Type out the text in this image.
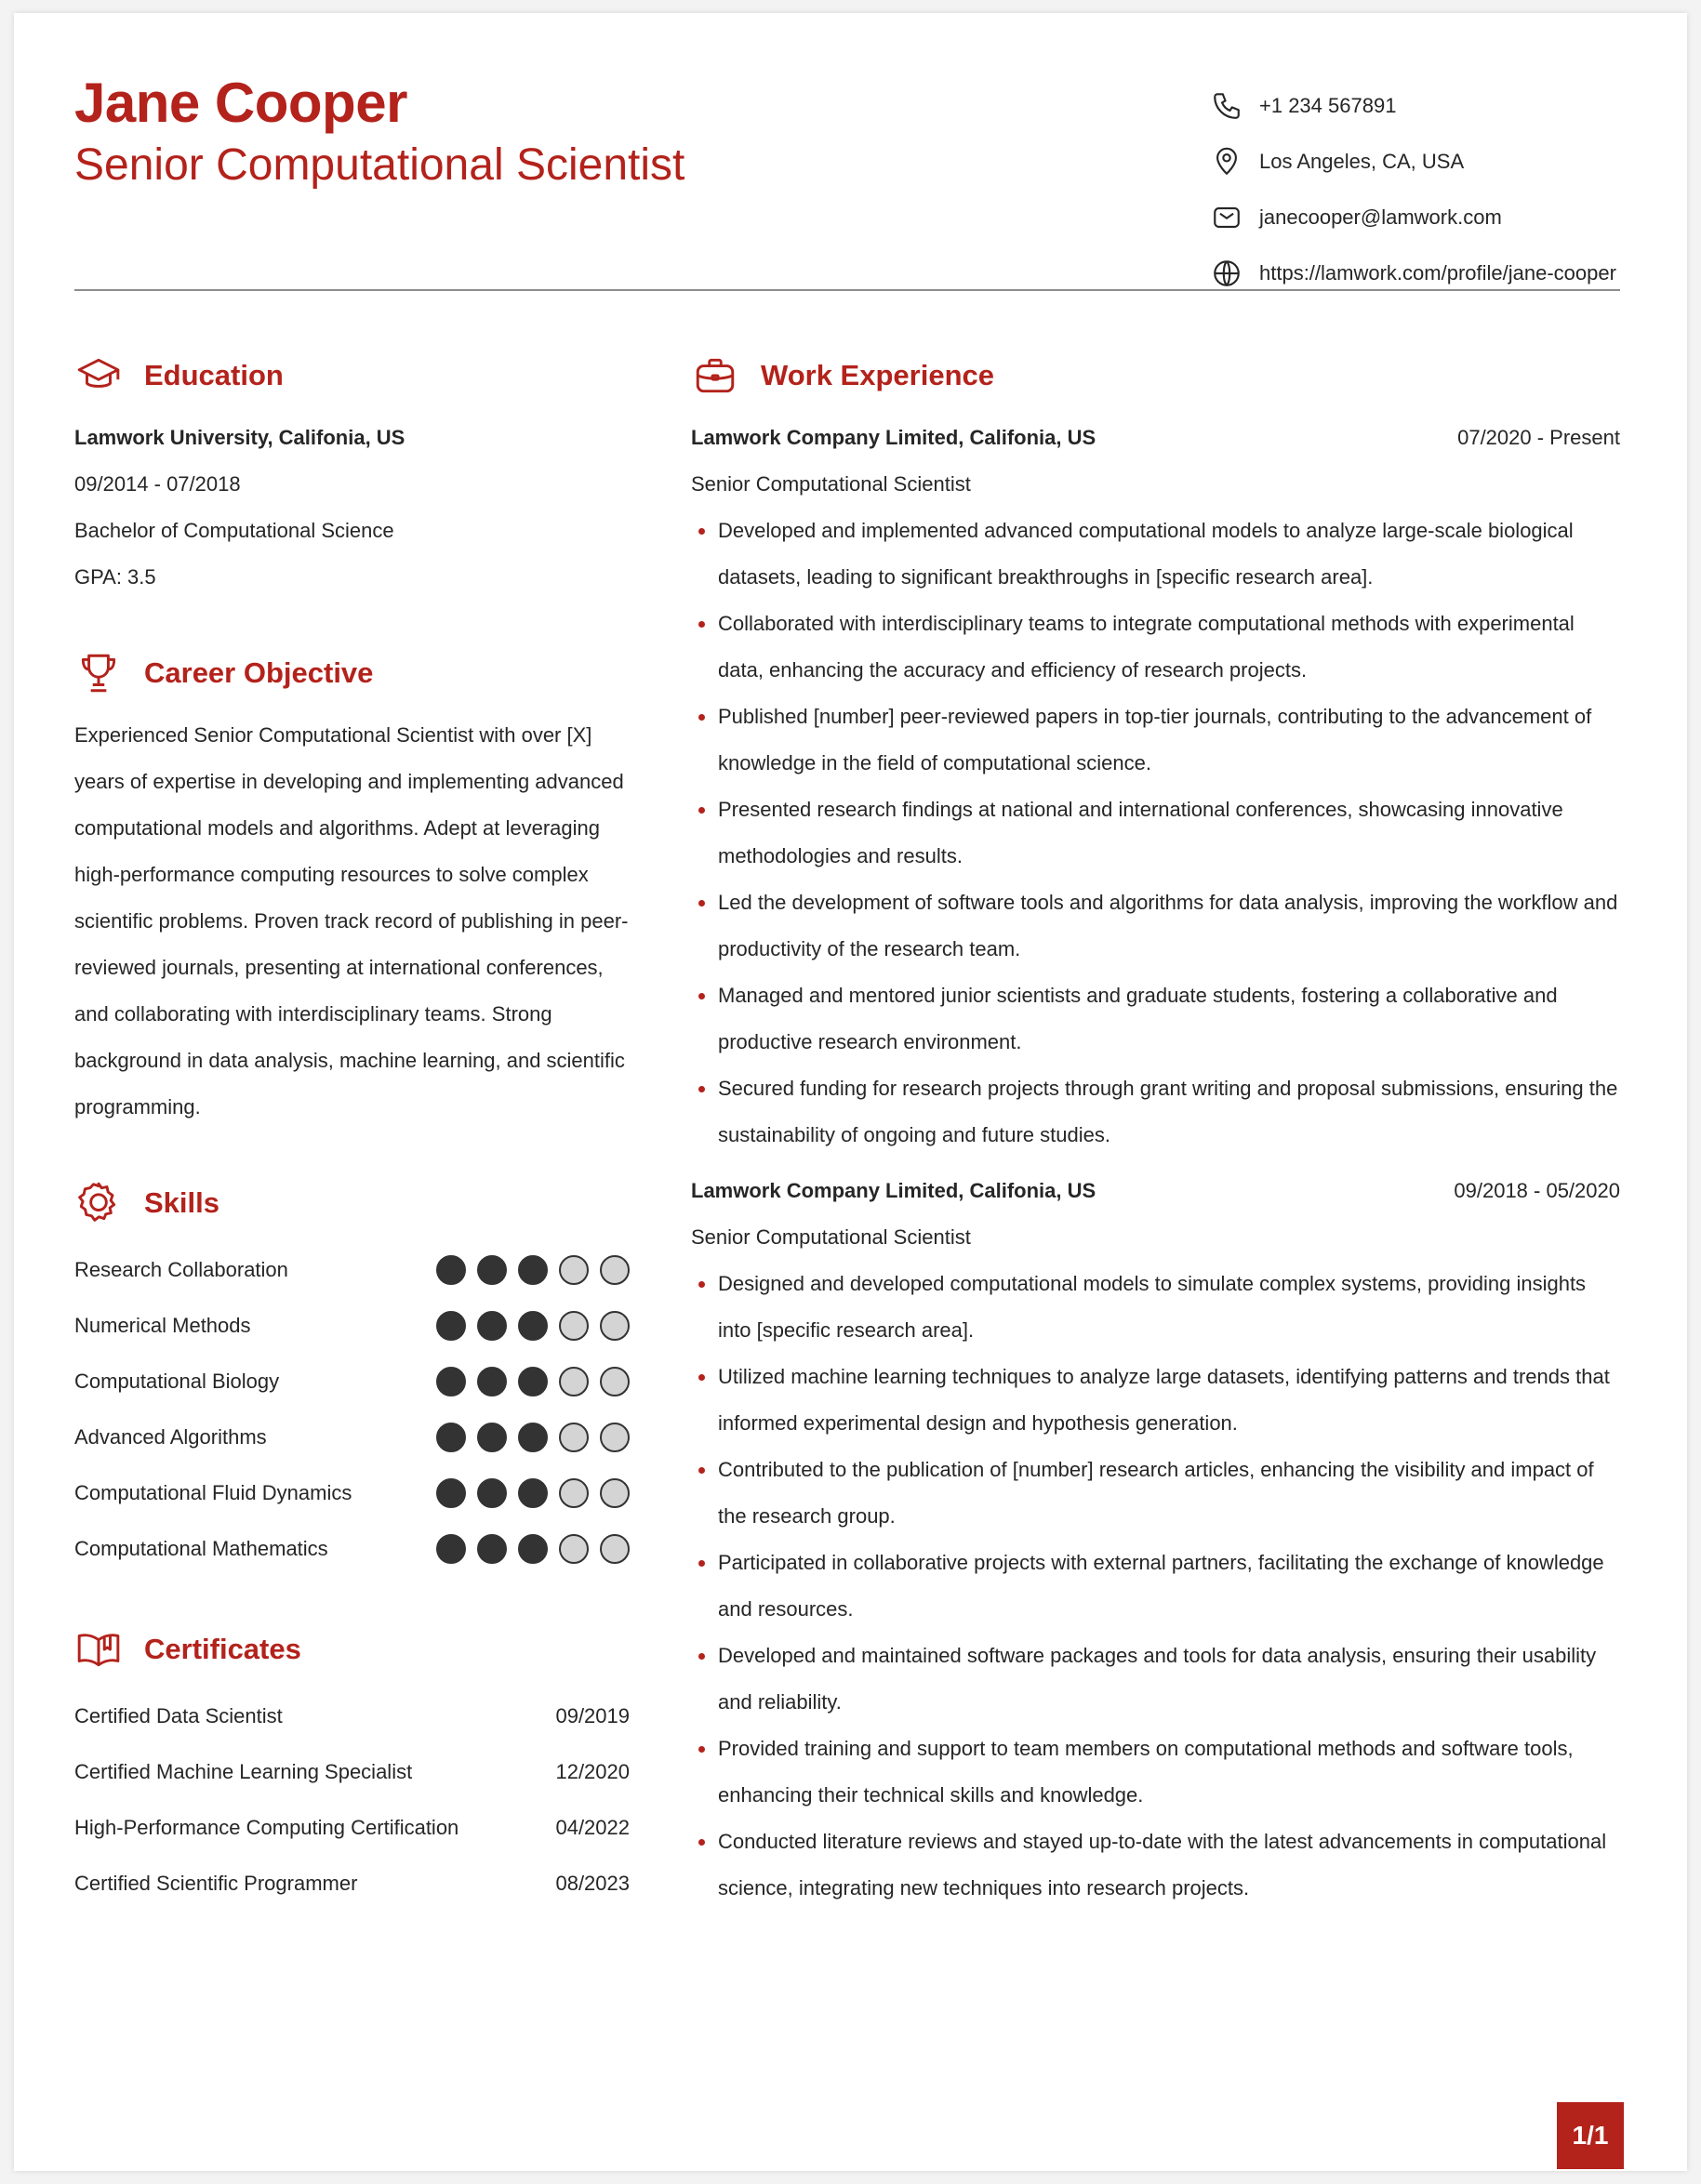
Jane Cooper
Senior Computational Scientist
+1 234 567891
Los Angeles, CA, USA
janecooper@lamwork.com
https://lamwork.com/profile/jane-cooper
Education
Lamwork University, Califonia, US
09/2014 - 07/2018
Bachelor of Computational Science
GPA: 3.5
Career Objective
Experienced Senior Computational Scientist with over [X] years of expertise in developing and implementing advanced computational models and algorithms. Adept at leveraging high-performance computing resources to solve complex scientific problems. Proven track record of publishing in peer-reviewed journals, presenting at international conferences, and collaborating with interdisciplinary teams. Strong background in data analysis, machine learning, and scientific programming.
Skills
Research Collaboration
Numerical Methods
Computational Biology
Advanced Algorithms
Computational Fluid Dynamics
Computational Mathematics
Certificates
Certified Data Scientist	09/2019
Certified Machine Learning Specialist	12/2020
High-Performance Computing Certification	04/2022
Certified Scientific Programmer	08/2023
Work Experience
Lamwork Company Limited, Califonia, US	07/2020 - Present
Senior Computational Scientist
Developed and implemented advanced computational models to analyze large-scale biological datasets, leading to significant breakthroughs in [specific research area].
Collaborated with interdisciplinary teams to integrate computational methods with experimental data, enhancing the accuracy and efficiency of research projects.
Published [number] peer-reviewed papers in top-tier journals, contributing to the advancement of knowledge in the field of computational science.
Presented research findings at national and international conferences, showcasing innovative methodologies and results.
Led the development of software tools and algorithms for data analysis, improving the workflow and productivity of the research team.
Managed and mentored junior scientists and graduate students, fostering a collaborative and productive research environment.
Secured funding for research projects through grant writing and proposal submissions, ensuring the sustainability of ongoing and future studies.
Lamwork Company Limited, Califonia, US	09/2018 - 05/2020
Senior Computational Scientist
Designed and developed computational models to simulate complex systems, providing insights into [specific research area].
Utilized machine learning techniques to analyze large datasets, identifying patterns and trends that informed experimental design and hypothesis generation.
Contributed to the publication of [number] research articles, enhancing the visibility and impact of the research group.
Participated in collaborative projects with external partners, facilitating the exchange of knowledge and resources.
Developed and maintained software packages and tools for data analysis, ensuring their usability and reliability.
Provided training and support to team members on computational methods and software tools, enhancing their technical skills and knowledge.
Conducted literature reviews and stayed up-to-date with the latest advancements in computational science, integrating new techniques into research projects.
1/1
